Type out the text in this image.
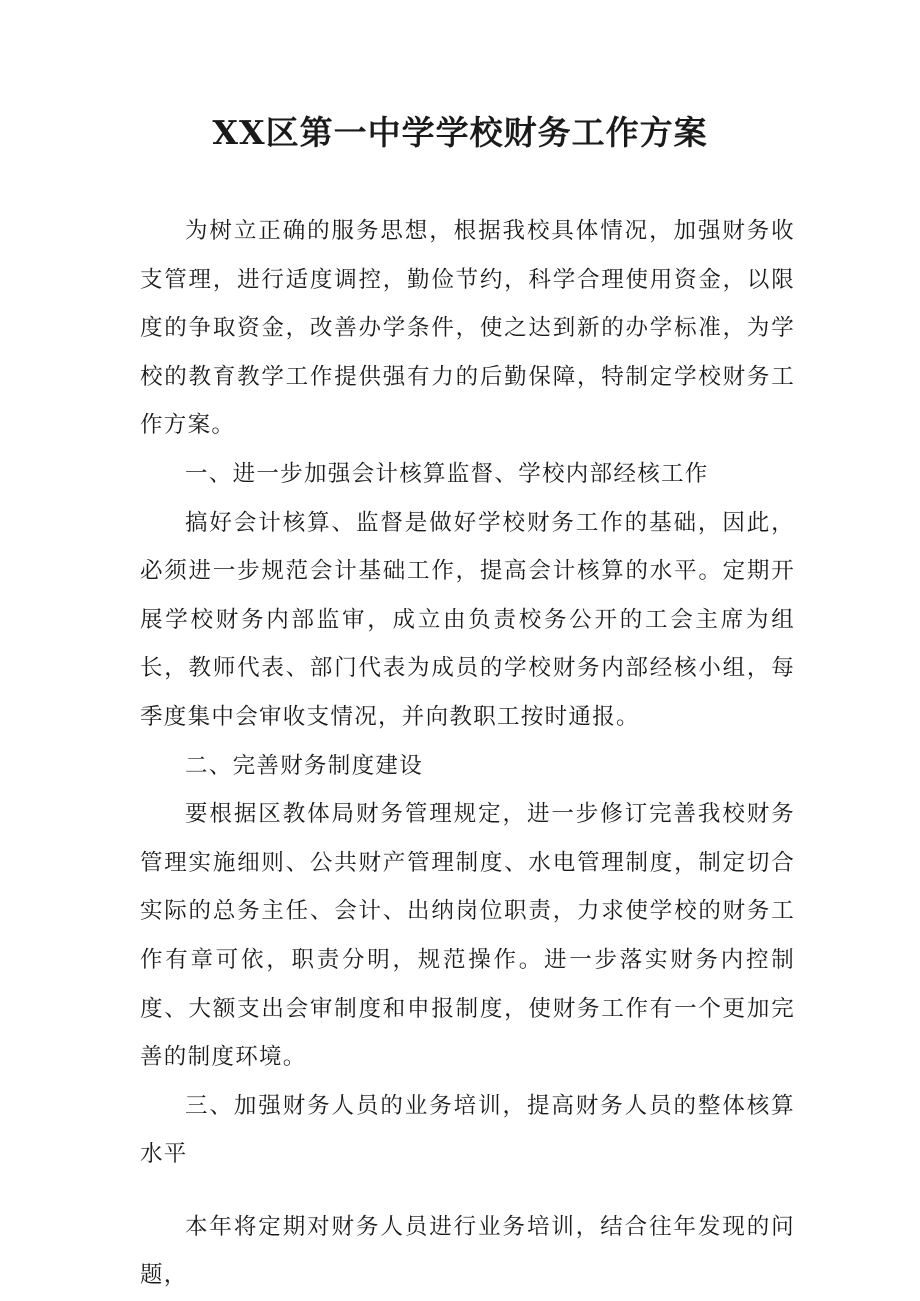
XX区第一中学学校财务工作方案

为树立正确的服务思想，根据我校具体情况，加强财务收支管理，进行适度调控，勤俭节约，科学合理使用资金，以限度的争取资金，改善办学条件，使之达到新的办学标准，为学校的教育教学工作提供强有力的后勤保障，特制定学校财务工作方案。

一、进一步加强会计核算监督、学校内部经核工作

搞好会计核算、监督是做好学校财务工作的基础，因此，必须进一步规范会计基础工作，提高会计核算的水平。定期开展学校财务内部监审，成立由负责校务公开的工会主席为组长，教师代表、部门代表为成员的学校财务内部经核小组，每季度集中会审收支情况，并向教职工按时通报。

二、完善财务制度建设

要根据区教体局财务管理规定，进一步修订完善我校财务管理实施细则、公共财产管理制度、水电管理制度，制定切合实际的总务主任、会计、出纳岗位职责，力求使学校的财务工作有章可依，职责分明，规范操作。进一步落实财务内控制度、大额支出会审制度和申报制度，使财务工作有一个更加完善的制度环境。

三、加强财务人员的业务培训，提高财务人员的整体核算水平

本年将定期对财务人员进行业务培训，结合往年发现的问题，
